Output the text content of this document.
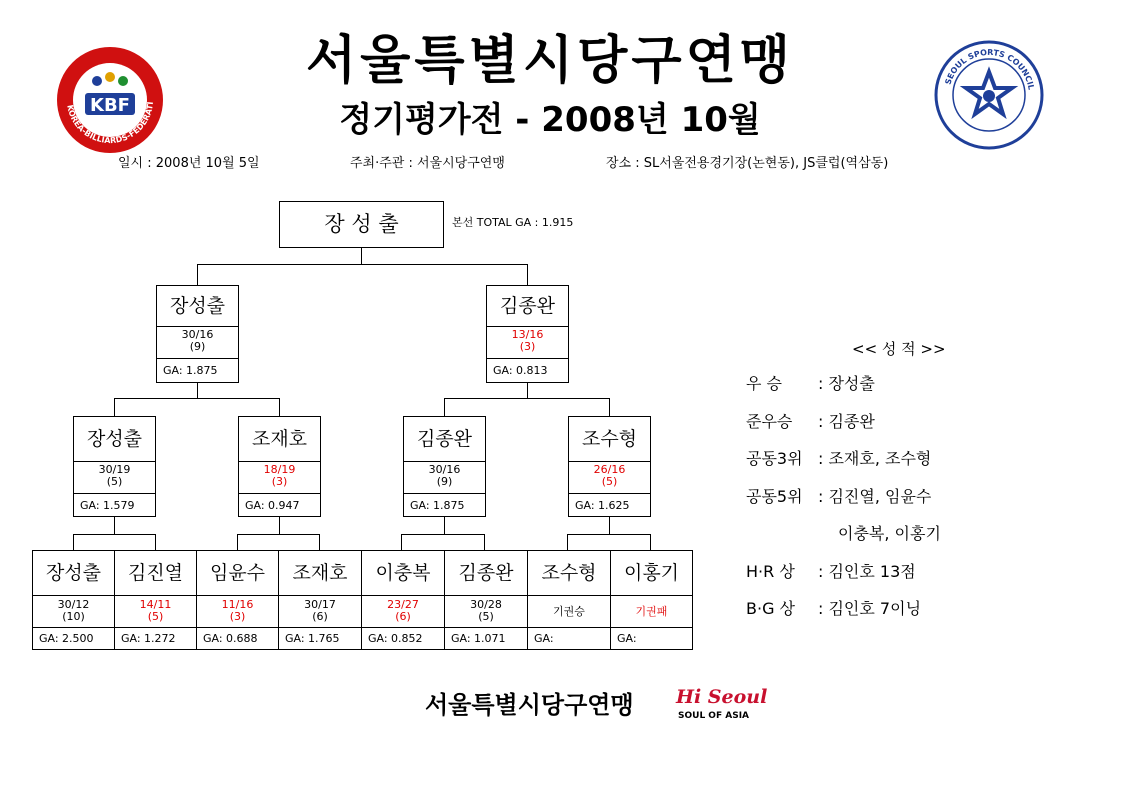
KBF
KOREA-BILLIARDS-FEDERATI
SEOUL SPORTS COUNCIL
서울특별시당구연맹
정기평가전 - 2008년 10월
일시 : 2008년 10월 5일	주최·주관 : 서울시당구연맹	장소 : SL서울전용경기장(논현동), JS클럽(역삼동)
장 성 출	본선 TOTAL GA : 1.915
장성출
30/16
(9)
GA: 1.875
김종완
13/16
(3)
GA: 0.813
장성출
30/19
(5)
GA: 1.579
조재호
18/19
(3)
GA: 0.947
김종완
30/16
(9)
GA: 1.875
조수형
26/16
(5)
GA: 1.625
장성출
30/12
(10)
GA: 2.500
김진열
14/11
(5)
GA: 1.272
임윤수
11/16
(3)
GA: 0.688
조재호
30/17
(6)
GA: 1.765
이충복
23/27
(6)
GA: 0.852
김종완
30/28
(5)
GA: 1.071
조수형
기권승
GA:
이홍기
기권패
GA:
<< 성 적 >>
우 승 : 장성출
준우승 : 김종완
공동3위 : 조재호, 조수형
공동5위 : 김진열, 임윤수
이충복, 이홍기
H·R 상 : 김인호 13점
B·G 상 : 김인호 7이닝
서울특별시당구연맹 Hi Seoul
SOUL OF ASIA
